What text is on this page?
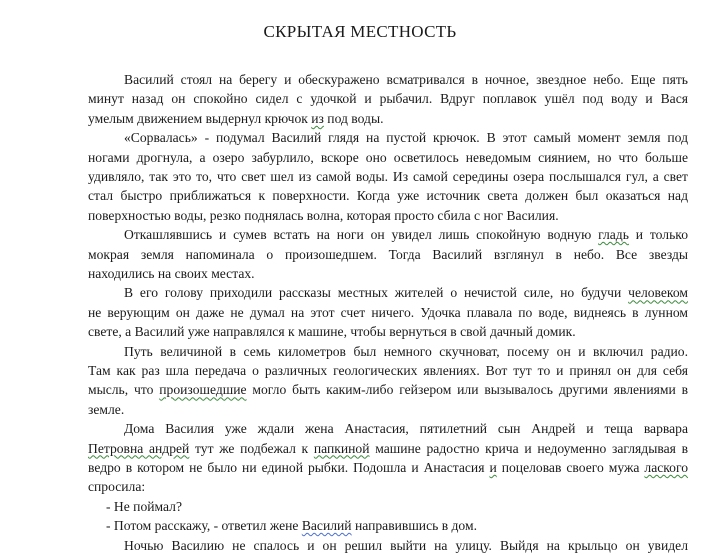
СКРЫТАЯ МЕСТНОСТЬ

Василий стоял на берегу и обескуражено всматривался в ночное, звездное небо. Еще пять

минут назад он спокойно сидел с удочкой и рыбачил. Вдруг поплавок ушёл под воду и Вася

умелым движением выдернул крючок из под воды.

«Сорвалась» - подумал Василий глядя на пустой крючок. В этот самый момент земля под

ногами дрогнула, а озеро забурлило, вскоре оно осветилось неведомым сиянием, но что больше

удивляло, так это то, что свет шел из самой воды. Из самой середины озера послышался гул, а свет

стал быстро приближаться к поверхности. Когда уже источник света должен был оказаться над

поверхностью воды, резко поднялась волна, которая просто сбила с ног Василия.

Откашлявшись и сумев встать на ноги он увидел лишь спокойную водную гладь и только

мокрая земля напоминала о произошедшем. Тогда Василий взглянул в небо. Все звезды

находились на своих местах.

В его голову приходили рассказы местных жителей о нечистой силе, но будучи человеком

не верующим он даже не думал на этот счет ничего. Удочка плавала по воде, виднеясь в лунном

свете, а Василий уже направлялся к машине, чтобы вернуться в свой дачный домик.

Путь величиной в семь километров был немного скучноват, посему он и включил радио.

Там как раз шла передача о различных геологических явлениях. Вот тут то и принял он для себя

мысль, что произошедшие могло быть каким-либо гейзером или вызывалось другими явлениями в

земле.

Дома Василия уже ждали жена Анастасия, пятилетний сын Андрей и теща варвара

Петровна андрей тут же подбежал к папкиной машине радостно крича и недоуменно заглядывая в

ведро в котором не было ни единой рыбки. Подошла и Анастасия и поцеловав своего мужа лаского

спросила:

- Не поймал?

- Потом расскажу, - ответил жене Василий направившись в дом.

Ночью Василию не спалось и он решил выйти на улицу. Выйдя на крыльцо он увидел
